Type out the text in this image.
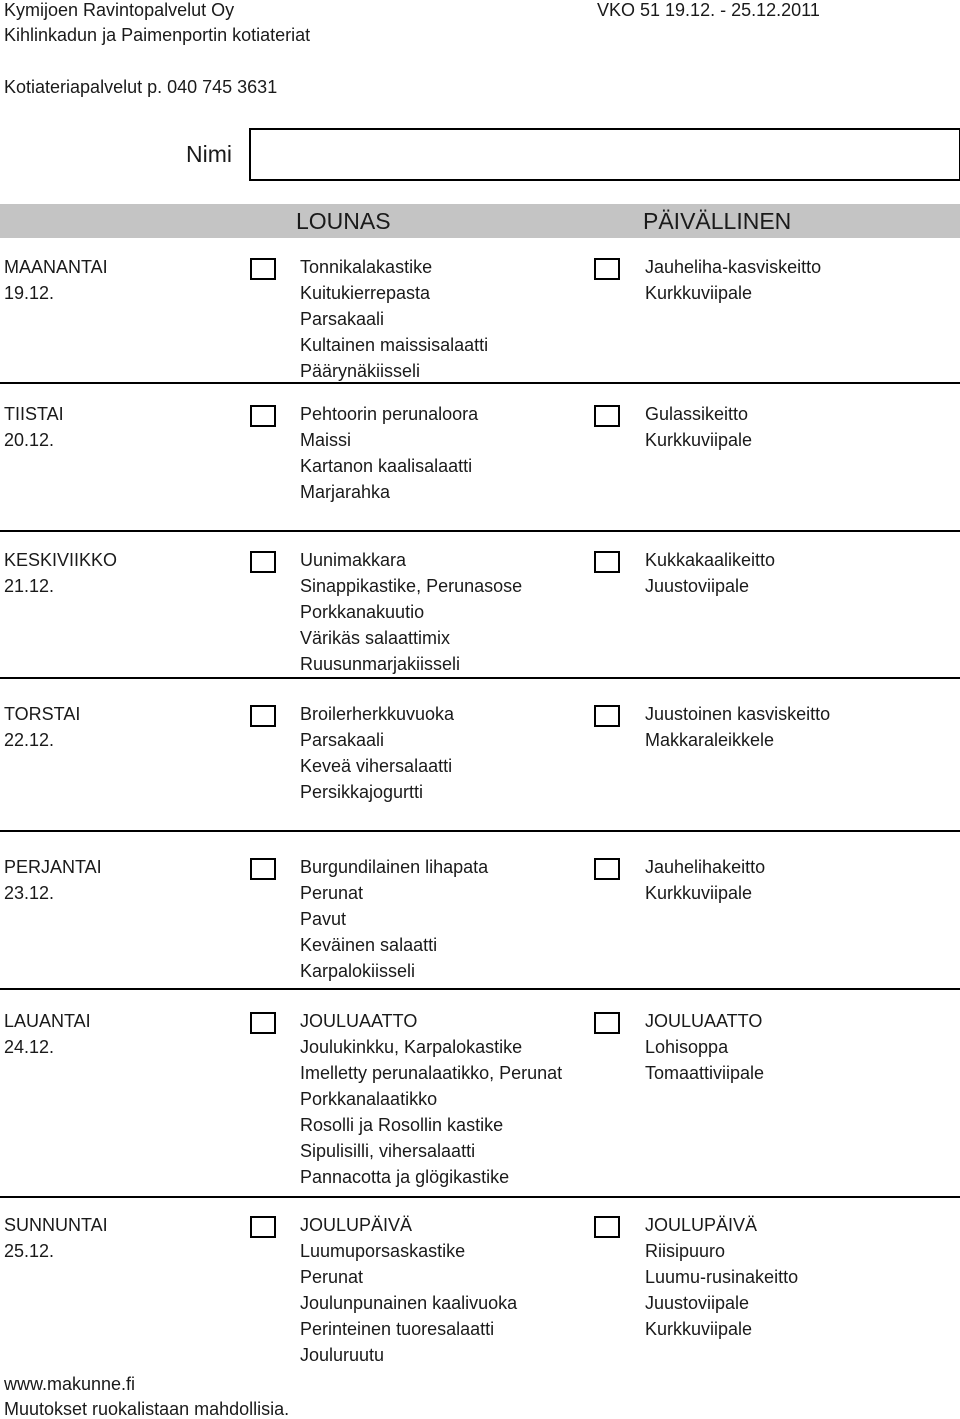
Kymijoen Ravintopalvelut Oy	VKO 51 19.12. - 25.12.2011
Kihlinkadun ja Paimenportin kotiateriat
Kotiateriapalvelut p. 040 745 3631
Nimi
LOUNAS	PÄIVÄLLINEN
MAANANTAI
19.12.
Tonnikalakastike
Kuitukierrepasta
Parsakaali
Kultainen maissisalaatti
Päärynäkiisseli
Jauheliha-kasviskeitto
Kurkkuviipale
TIISTAI
20.12.
Pehtoorin perunaloora
Maissi
Kartanon kaalisalaatti
Marjarahka
Gulassikeitto
Kurkkuviipale
KESKIVIIKKO
21.12.
Uunimakkara
Sinappikastike, Perunasose
Porkkanakuutio
Värikäs salaattimix
Ruusunmarjakiisseli
Kukkakaalikeitto
Juustoviipale
TORSTAI
22.12.
Broilerherkkuvuoka
Parsakaali
Keveä vihersalaatti
Persikkajogurtti
Juustoinen kasviskeitto
Makkaraleikkele
PERJANTAI
23.12.
Burgundilainen lihapata
Perunat
Pavut
Keväinen salaatti
Karpalokiisseli
Jauhelihakeitto
Kurkkuviipale
LAUANTAI
24.12.
JOULUAATTO
Joulukinkku, Karpalokastike
Imelletty perunalaatikko, Perunat
Porkkanalaatikko
Rosolli ja Rosollin kastike
Sipulisilli, vihersalaatti
Pannacotta ja glögikastike
JOULUAATTO
Lohisoppa
Tomaattiviipale
SUNNUNTAI
25.12.
JOULUPÄIVÄ
Luumuporsaskastike
Perunat
Joulunpunainen kaalivuoka
Perinteinen tuoresalaatti
Jouluruutu
JOULUPÄIVÄ
Riisipuuro
Luumu-rusinakeitto
Juustoviipale
Kurkkuviipale
www.makunne.fi
Muutokset ruokalistaan mahdollisia.
